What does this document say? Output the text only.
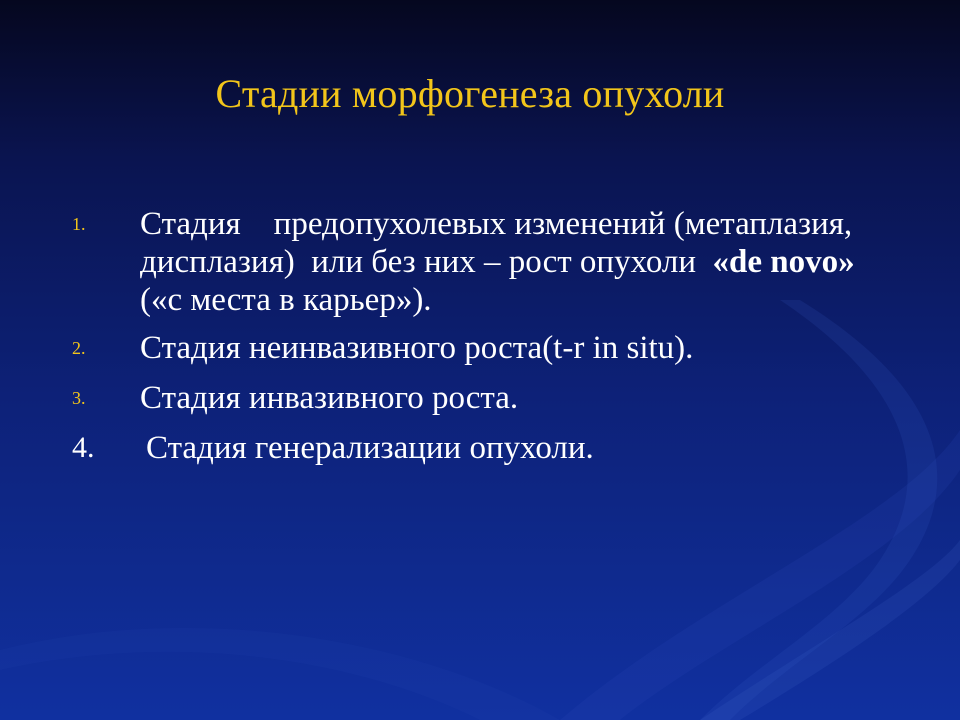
Стадии морфогенеза опухоли
1. Стадия    предопухолевых изменений (метаплазия, дисплазия)  или без них – рост опухоли  «de novo» («с места в карьер»).
2. Стадия неинвазивного роста(t-r in situ).
3. Стадия инвазивного роста.
4. Стадия генерализации опухоли.
